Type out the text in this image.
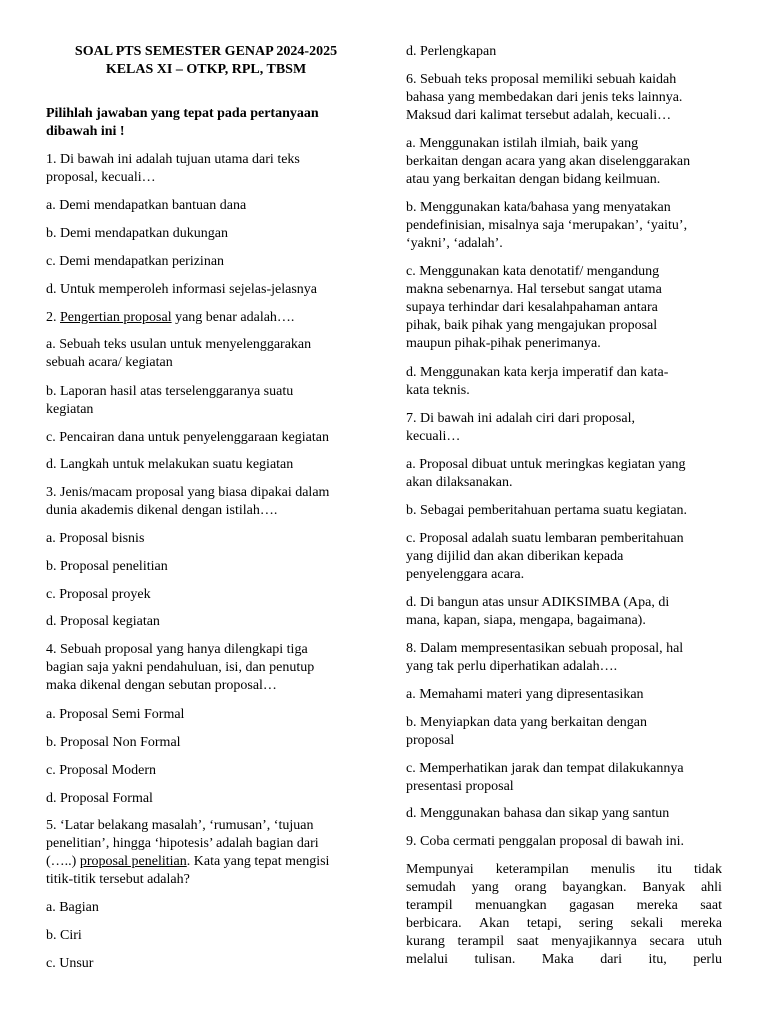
SOAL PTS SEMESTER GENAP 2024-2025
KELAS XI – OTKP, RPL, TBSM
Pilihlah jawaban yang tepat pada pertanyaan
dibawah ini !
1. Di bawah ini adalah tujuan utama dari teks
proposal, kecuali…
a. Demi mendapatkan bantuan dana
b. Demi mendapatkan dukungan
c. Demi mendapatkan perizinan
d. Untuk memperoleh informasi sejelas-jelasnya
2. Pengertian proposal yang benar adalah….
a. Sebuah teks usulan untuk menyelenggarakan
sebuah acara/ kegiatan
b. Laporan hasil atas terselenggaranya suatu
kegiatan
c. Pencairan dana untuk penyelenggaraan kegiatan
d. Langkah untuk melakukan suatu kegiatan
3. Jenis/macam proposal yang biasa dipakai dalam
dunia akademis dikenal dengan istilah….
a. Proposal bisnis
b. Proposal penelitian
c. Proposal proyek
d. Proposal kegiatan
4. Sebuah proposal yang hanya dilengkapi tiga
bagian saja yakni pendahuluan, isi, dan penutup
maka dikenal dengan sebutan proposal…
a. Proposal Semi Formal
b. Proposal Non Formal
c. Proposal Modern
d. Proposal Formal
5. ‘Latar belakang masalah’, ‘rumusan’, ‘tujuan
penelitian’, hingga ‘hipotesis’ adalah bagian dari
(…..) proposal penelitian. Kata yang tepat mengisi
titik-titik tersebut adalah?
a. Bagian
b. Ciri
c. Unsur
d. Perlengkapan
6. Sebuah teks proposal memiliki sebuah kaidah
bahasa yang membedakan dari jenis teks lainnya.
Maksud dari kalimat tersebut adalah, kecuali…
a. Menggunakan istilah ilmiah, baik yang
berkaitan dengan acara yang akan diselenggarakan
atau yang berkaitan dengan bidang keilmuan.
b. Menggunakan kata/bahasa yang menyatakan
pendefinisian, misalnya saja ‘merupakan’, ‘yaitu’,
‘yakni’, ‘adalah’.
c. Menggunakan kata denotatif/ mengandung
makna sebenarnya. Hal tersebut sangat utama
supaya terhindar dari kesalahpahaman antara
pihak, baik pihak yang mengajukan proposal
maupun pihak-pihak penerimanya.
d. Menggunakan kata kerja imperatif dan kata-
kata teknis.
7. Di bawah ini adalah ciri dari proposal,
kecuali…
a. Proposal dibuat untuk meringkas kegiatan yang
akan dilaksanakan.
b. Sebagai pemberitahuan pertama suatu kegiatan.
c. Proposal adalah suatu lembaran pemberitahuan
yang dijilid dan akan diberikan kepada
penyelenggara acara.
d. Di bangun atas unsur ADIKSIMBA (Apa, di
mana, kapan, siapa, mengapa, bagaimana).
8. Dalam mempresentasikan sebuah proposal, hal
yang tak perlu diperhatikan adalah….
a. Memahami materi yang dipresentasikan
b. Menyiapkan data yang berkaitan dengan
proposal
c. Memperhatikan jarak dan tempat dilakukannya
presentasi proposal
d. Menggunakan bahasa dan sikap yang santun
9. Coba cermati penggalan proposal di bawah ini.
Mempunyai keterampilan menulis itu tidak
semudah yang orang bayangkan. Banyak ahli
terampil menuangkan gagasan mereka saat
berbicara. Akan tetapi, sering sekali mereka
kurang terampil saat menyajikannya secara utuh
melalui tulisan. Maka dari itu, perlu
